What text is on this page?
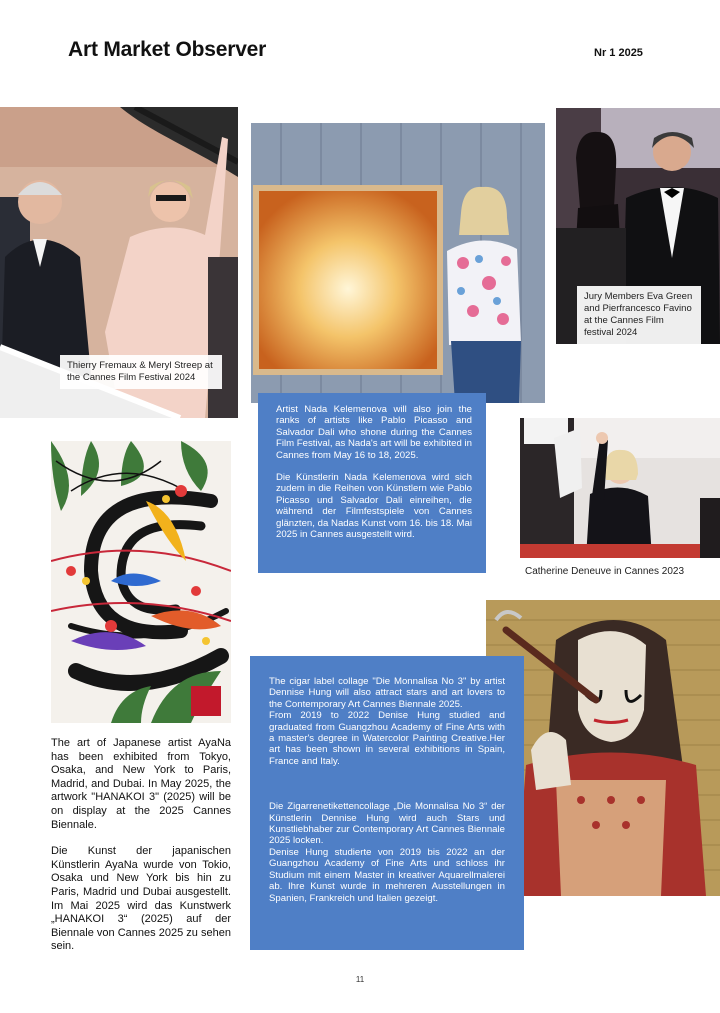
Art Market Observer	Nr 1 2025
Thierry Fremaux & Meryl Streep at the Cannes Film Festival 2024
Jury Members Eva Green and Pierfrancesco Favino at the Cannes Film festival 2024

Artist Nada Kelemenova will also join the ranks of artists like Pablo Picasso and Salvador Dali who shone during the Cannes Film Festival, as Nada's art will be exhibited in Cannes from May 16 to 18, 2025.

Die Künstlerin Nada Kelemenova wird sich zudem in die Reihen von Künstlern wie Pablo Picasso und Salvador Dali einreihen, die während der Filmfestspiele von Cannes glänzten, da Nadas Kunst vom 16. bis 18. Mai 2025 in Cannes ausgestellt wird.

Catherine Deneuve in Cannes 2023

The art of Japanese artist AyaNa has been exhibited from Tokyo, Osaka, and New York to Paris, Madrid, and Dubai. In May 2025, the artwork "HANAKOI 3" (2025) will be on display at the 2025 Cannes Biennale.

Die Kunst der japanischen Künstlerin AyaNa wurde von Tokio, Osaka und New York bis hin zu Paris, Madrid und Dubai ausgestellt. Im Mai 2025 wird das Kunstwerk „HANAKOI 3“ (2025) auf der Biennale von Cannes 2025 zu sehen sein.

The cigar label collage "Die Monnalisa No 3" by artist Dennise Hung will also attract stars and art lovers to the Contemporary Art Cannes Biennale 2025.

From 2019 to 2022 Denise Hung studied and graduated from Guangzhou Academy of Fine Arts with a master's degree in Watercolor Painting Creative.Her art has been shown in several exhibitions in Spain, France and Italy.

Die Zigarrenetikettencollage „Die Monnalisa No 3“ der Künstlerin Dennise Hung wird auch Stars und Kunstliebhaber zur Contemporary Art Cannes Biennale 2025 locken.

Denise Hung studierte von 2019 bis 2022 an der Guangzhou Academy of Fine Arts und schloss ihr Studium mit einem Master in kreativer Aquarellmalerei ab. Ihre Kunst wurde in mehreren Ausstellungen in Spanien, Frankreich und Italien gezeigt.

11
